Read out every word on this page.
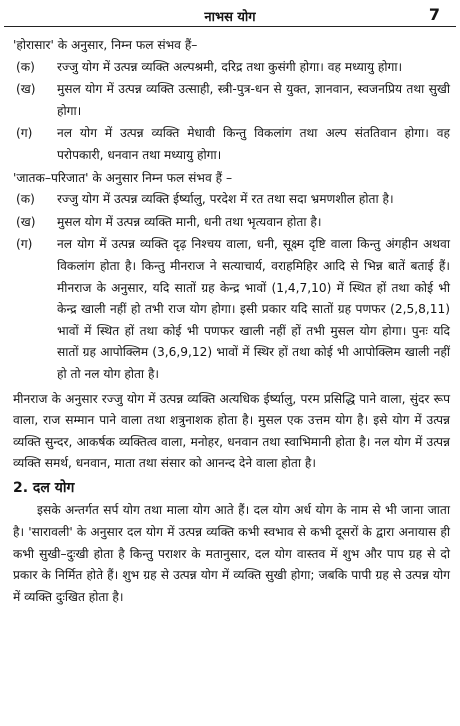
नाभस योग	7

'होरासार' के अनुसार, निम्न फल संभव हैं–

(क)	रज्जु योग में उत्पन्न व्यक्ति अल्पश्रमी, दरिद्र तथा कुसंगी होगा। वह मध्यायु होगा।
(ख)	मुसल योग में उत्पन्न व्यक्ति उत्साही, स्त्री-पुत्र-धन से युक्त, ज्ञानवान, स्वजनप्रिय तथा सुखी होगा।
(ग)	नल योग में उत्पन्न व्यक्ति मेधावी किन्तु विकलांग तथा अल्प संततिवान होगा। वह परोपकारी, धनवान तथा मध्यायु होगा।

'जातक–परिजात' के अनुसार निम्न फल संभव हैं –

(क)	रज्जु योग में उत्पन्न व्यक्ति ईर्ष्यालु, परदेश में रत तथा सदा भ्रमणशील होता है।
(ख)	मुसल योग में उत्पन्न व्यक्ति मानी, धनी तथा भृत्यवान होता है।
(ग)	नल योग में उत्पन्न व्यक्ति दृढ़ निश्चय वाला, धनी, सूक्ष्म दृष्टि वाला किन्तु अंगहीन अथवा विकलांग होता है। किन्तु मीनराज ने सत्याचार्य, वराहमिहिर आदि से भिन्न बातें बताई हैं। मीनराज के अनुसार, यदि सातों ग्रह केन्द्र भावों (1,4,7,10) में स्थित हों तथा कोई भी केन्द्र खाली नहीं हो तभी राज योग होगा। इसी प्रकार यदि सातों ग्रह पणफर (2,5,8,11) भावों में स्थित हों तथा कोई भी पणफर खाली नहीं हों तभी मुसल योग होगा। पुनः यदि सातों ग्रह आपोक्लिम (3,6,9,12) भावों में स्थिर हों तथा कोई भी आपोक्लिम खाली नहीं हो तो नल योग होता है।

मीनराज के अनुसार रज्जु योग में उत्पन्न व्यक्ति अत्यधिक ईर्ष्यालु, परम प्रसिद्धि पाने वाला, सुंदर रूप वाला, राज सम्मान पाने वाला तथा शत्रुनाशक होता है। मुसल एक उत्तम योग है। इसे योग में उत्पन्न व्यक्ति सुन्दर, आकर्षक व्यक्तित्व वाला, मनोहर, धनवान तथा स्वाभिमानी होता है। नल योग में उत्पन्न व्यक्ति समर्थ, धनवान, माता तथा संसार को आनन्द देने वाला होता है।

2. दल योग

इसके अन्तर्गत सर्प योग तथा माला योग आते हैं। दल योग अर्ध योग के नाम से भी जाना जाता है। 'सारावली' के अनुसार दल योग में उत्पन्न व्यक्ति कभी स्वभाव से कभी दूसरों के द्वारा अनायास ही कभी सुखी–दुःखी होता है किन्तु पराशर के मतानुसार, दल योग वास्तव में शुभ और पाप ग्रह से दो प्रकार के निर्मित होते हैं। शुभ ग्रह से उत्पन्न योग में व्यक्ति सुखी होगा; जबकि पापी ग्रह से उत्पन्न योग में व्यक्ति दुःखित होता है।
